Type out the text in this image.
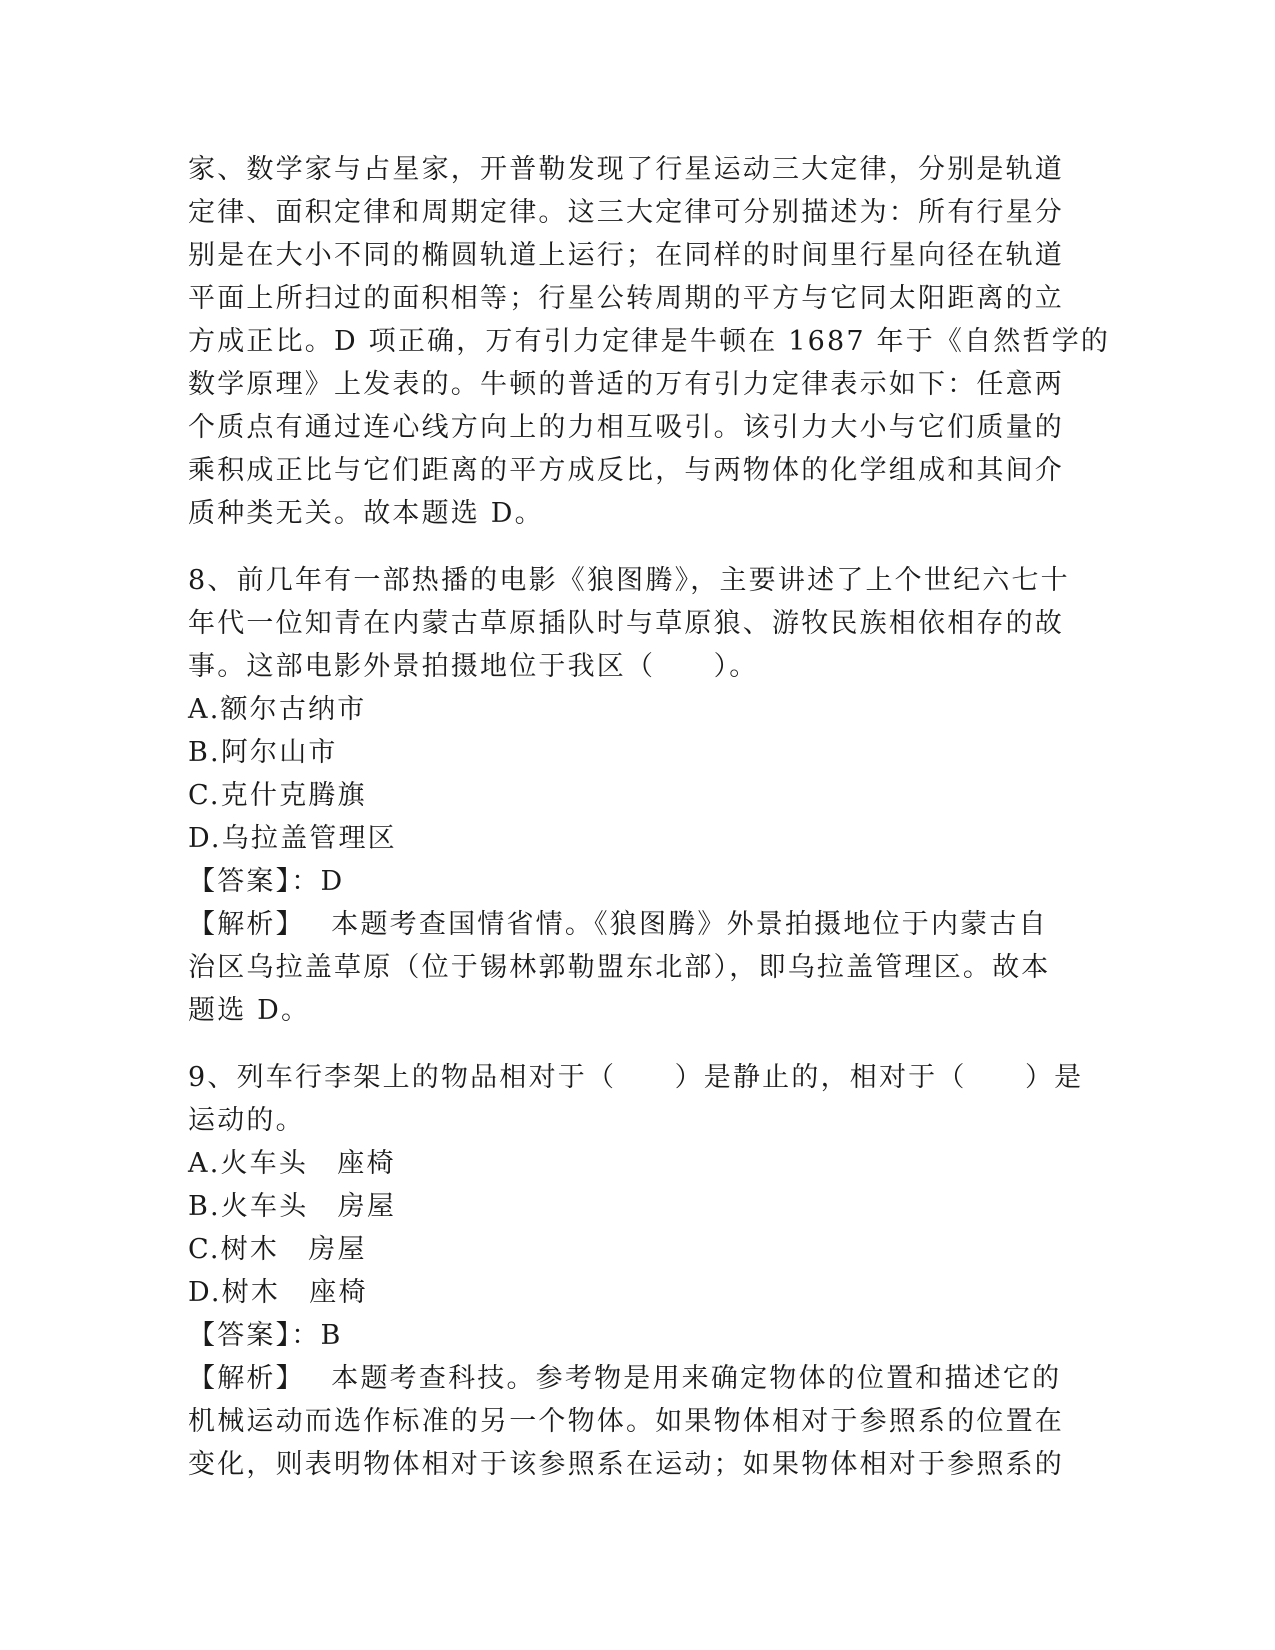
家、数学家与占星家，开普勒发现了行星运动三大定律，分别是轨道
定律、面积定律和周期定律。这三大定律可分别描述为：所有行星分
别是在大小不同的椭圆轨道上运行；在同样的时间里行星向径在轨道
平面上所扫过的面积相等；行星公转周期的平方与它同太阳距离的立
方成正比。D 项正确，万有引力定律是牛顿在 1687 年于《自然哲学的
数学原理》上发表的。牛顿的普适的万有引力定律表示如下：任意两
个质点有通过连心线方向上的力相互吸引。该引力大小与它们质量的
乘积成正比与它们距离的平方成反比，与两物体的化学组成和其间介
质种类无关。故本题选 D。
8、前几年有一部热播的电影《狼图腾》，主要讲述了上个世纪六七十
年代一位知青在内蒙古草原插队时与草原狼、游牧民族相依相存的故
事。这部电影外景拍摄地位于我区（　　）。
A.额尔古纳市
B.阿尔山市
C.克什克腾旗
D.乌拉盖管理区
【答案】：D
【解析】　 本题考查国情省情。《狼图腾》外景拍摄地位于内蒙古自
治区乌拉盖草原（位于锡林郭勒盟东北部），即乌拉盖管理区。故本
题选 D。
9、列车行李架上的物品相对于（　　）是静止的，相对于（　　）是
运动的。
A.火车头　座椅
B.火车头　房屋
C.树木　房屋
D.树木　座椅
【答案】：B
【解析】　 本题考查科技。参考物是用来确定物体的位置和描述它的
机械运动而选作标准的另一个物体。如果物体相对于参照系的位置在
变化，则表明物体相对于该参照系在运动；如果物体相对于参照系的
